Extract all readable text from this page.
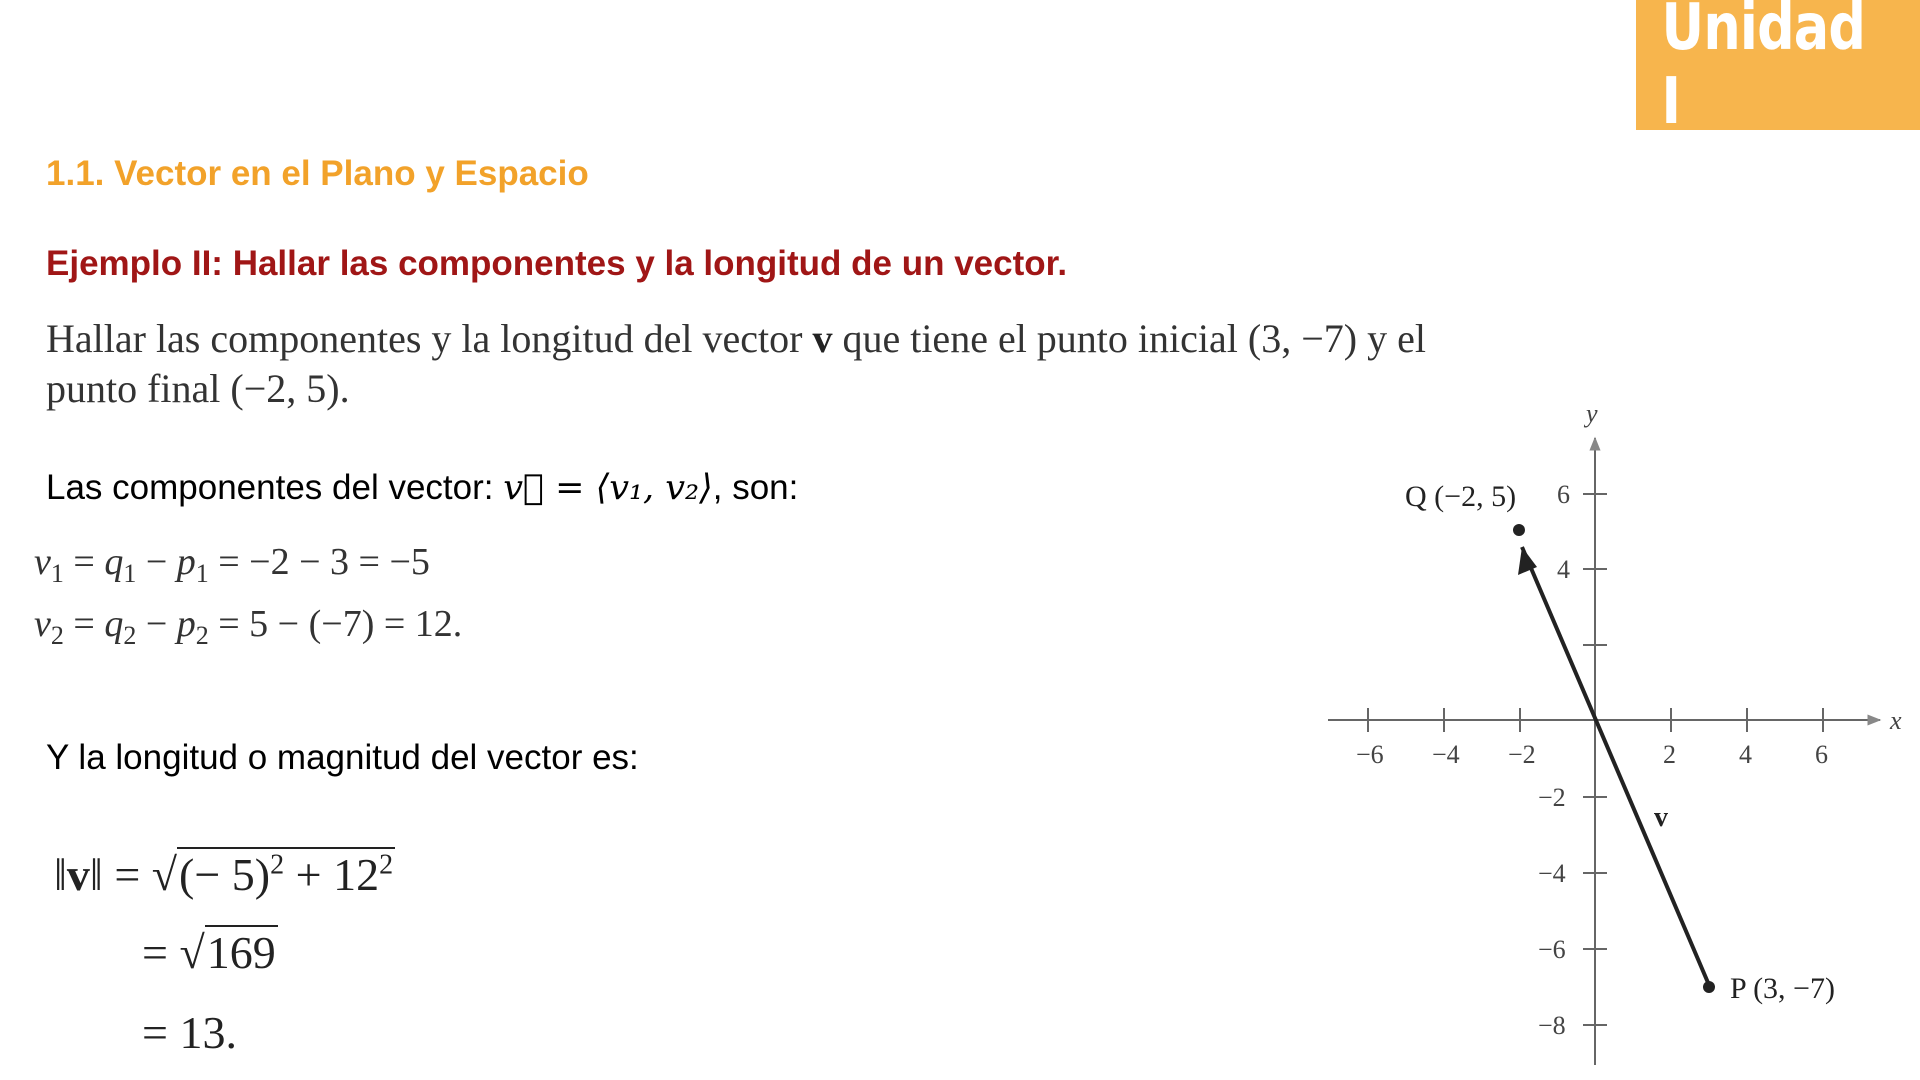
Unidad I
1.1. Vector en el Plano y Espacio
Ejemplo II: Hallar las componentes y la longitud de un vector.
Hallar las componentes y la longitud del vector v que tiene el punto inicial (3, −7) y el
punto final (−2, 5).
Las componentes del vector: v⃗ = ⟨v₁, v₂⟩, son:
$v_1 = q_1 - p_1 = -2 - 3 = -5$
$v_2 = q_2 - p_2 = 5 - (-7) = 12$.
Y la longitud o magnitud del vector es:
‖v‖ = √(− $5)^2 + 12^2$
= √169
= 13.
x
y
−6 −4 −2	2 4 6
6
4
−2
−4
−6
−8
Q (−2, 5)
P (3, −7)
v
